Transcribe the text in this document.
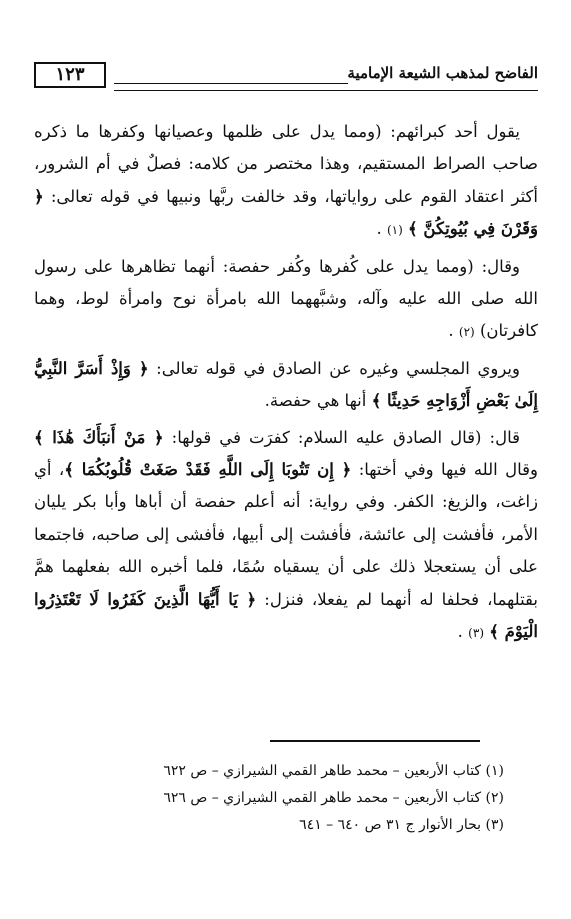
١٢٣	الفاضح لمذهب الشيعة الإمامية

يقول أحد كبرائهم: (ومما يدل على ظلمها وعصيانها وكفرها ما ذكره صاحب الصراط المستقيم، وهذا مختصر من كلامه: فصلٌ في أم الشرور، أكثر اعتقاد القوم على رواياتها، وقد خالفت ربَّها ونبيها في قوله تعالى: ﴿ وَقَرْنَ فِي بُيُوتِكُنَّ ﴾ (١) .

وقال: (ومما يدل على كُفرها وكُفر حفصة: أنهما تظاهرها على رسول الله صلى الله عليه وآله، وشبَّههما الله بامرأة نوح وامرأة لوط، وهما كافرتان) (٢) .

ويروي المجلسي وغيره عن الصادق في قوله تعالى: ﴿ وَإِذْ أَسَرَّ النَّبِيُّ إِلَىٰ بَعْضِ أَزْوَاجِهِ حَدِيثًا ﴾ أنها هي حفصة.

قال: (قال الصادق عليه السلام: كفرَت في قولها: ﴿ مَنْ أَنبَأَكَ هَٰذَا ﴾ وقال الله فيها وفي أختها: ﴿ إِن تَتُوبَا إِلَى اللَّهِ فَقَدْ صَغَتْ قُلُوبُكُمَا ﴾، أي زاغت، والزيغ: الكفر. وفي رواية: أنه أعلم حفصة أن أباها وأبا بكر يليان الأمر، فأفشت إلى عائشة، فأفشت إلى أبيها، فأفشى إلى صاحبه، فاجتمعا على أن يستعجلا ذلك على أن يسقياه سُمًا، فلما أخبره الله بفعلهما همَّ بقتلهما، فحلفا له أنهما لم يفعلا، فنزل: ﴿ يَا أَيُّهَا الَّذِينَ كَفَرُوا لَا تَعْتَذِرُوا الْيَوْمَ ﴾ (٣) .

(١) كتاب الأربعين – محمد طاهر القمي الشيرازي – ص ٦٢٢
(٢) كتاب الأربعين – محمد طاهر القمي الشيرازي – ص ٦٢٦
(٣) بحار الأنوار ج ٣١ ص ٦٤٠ – ٦٤١
